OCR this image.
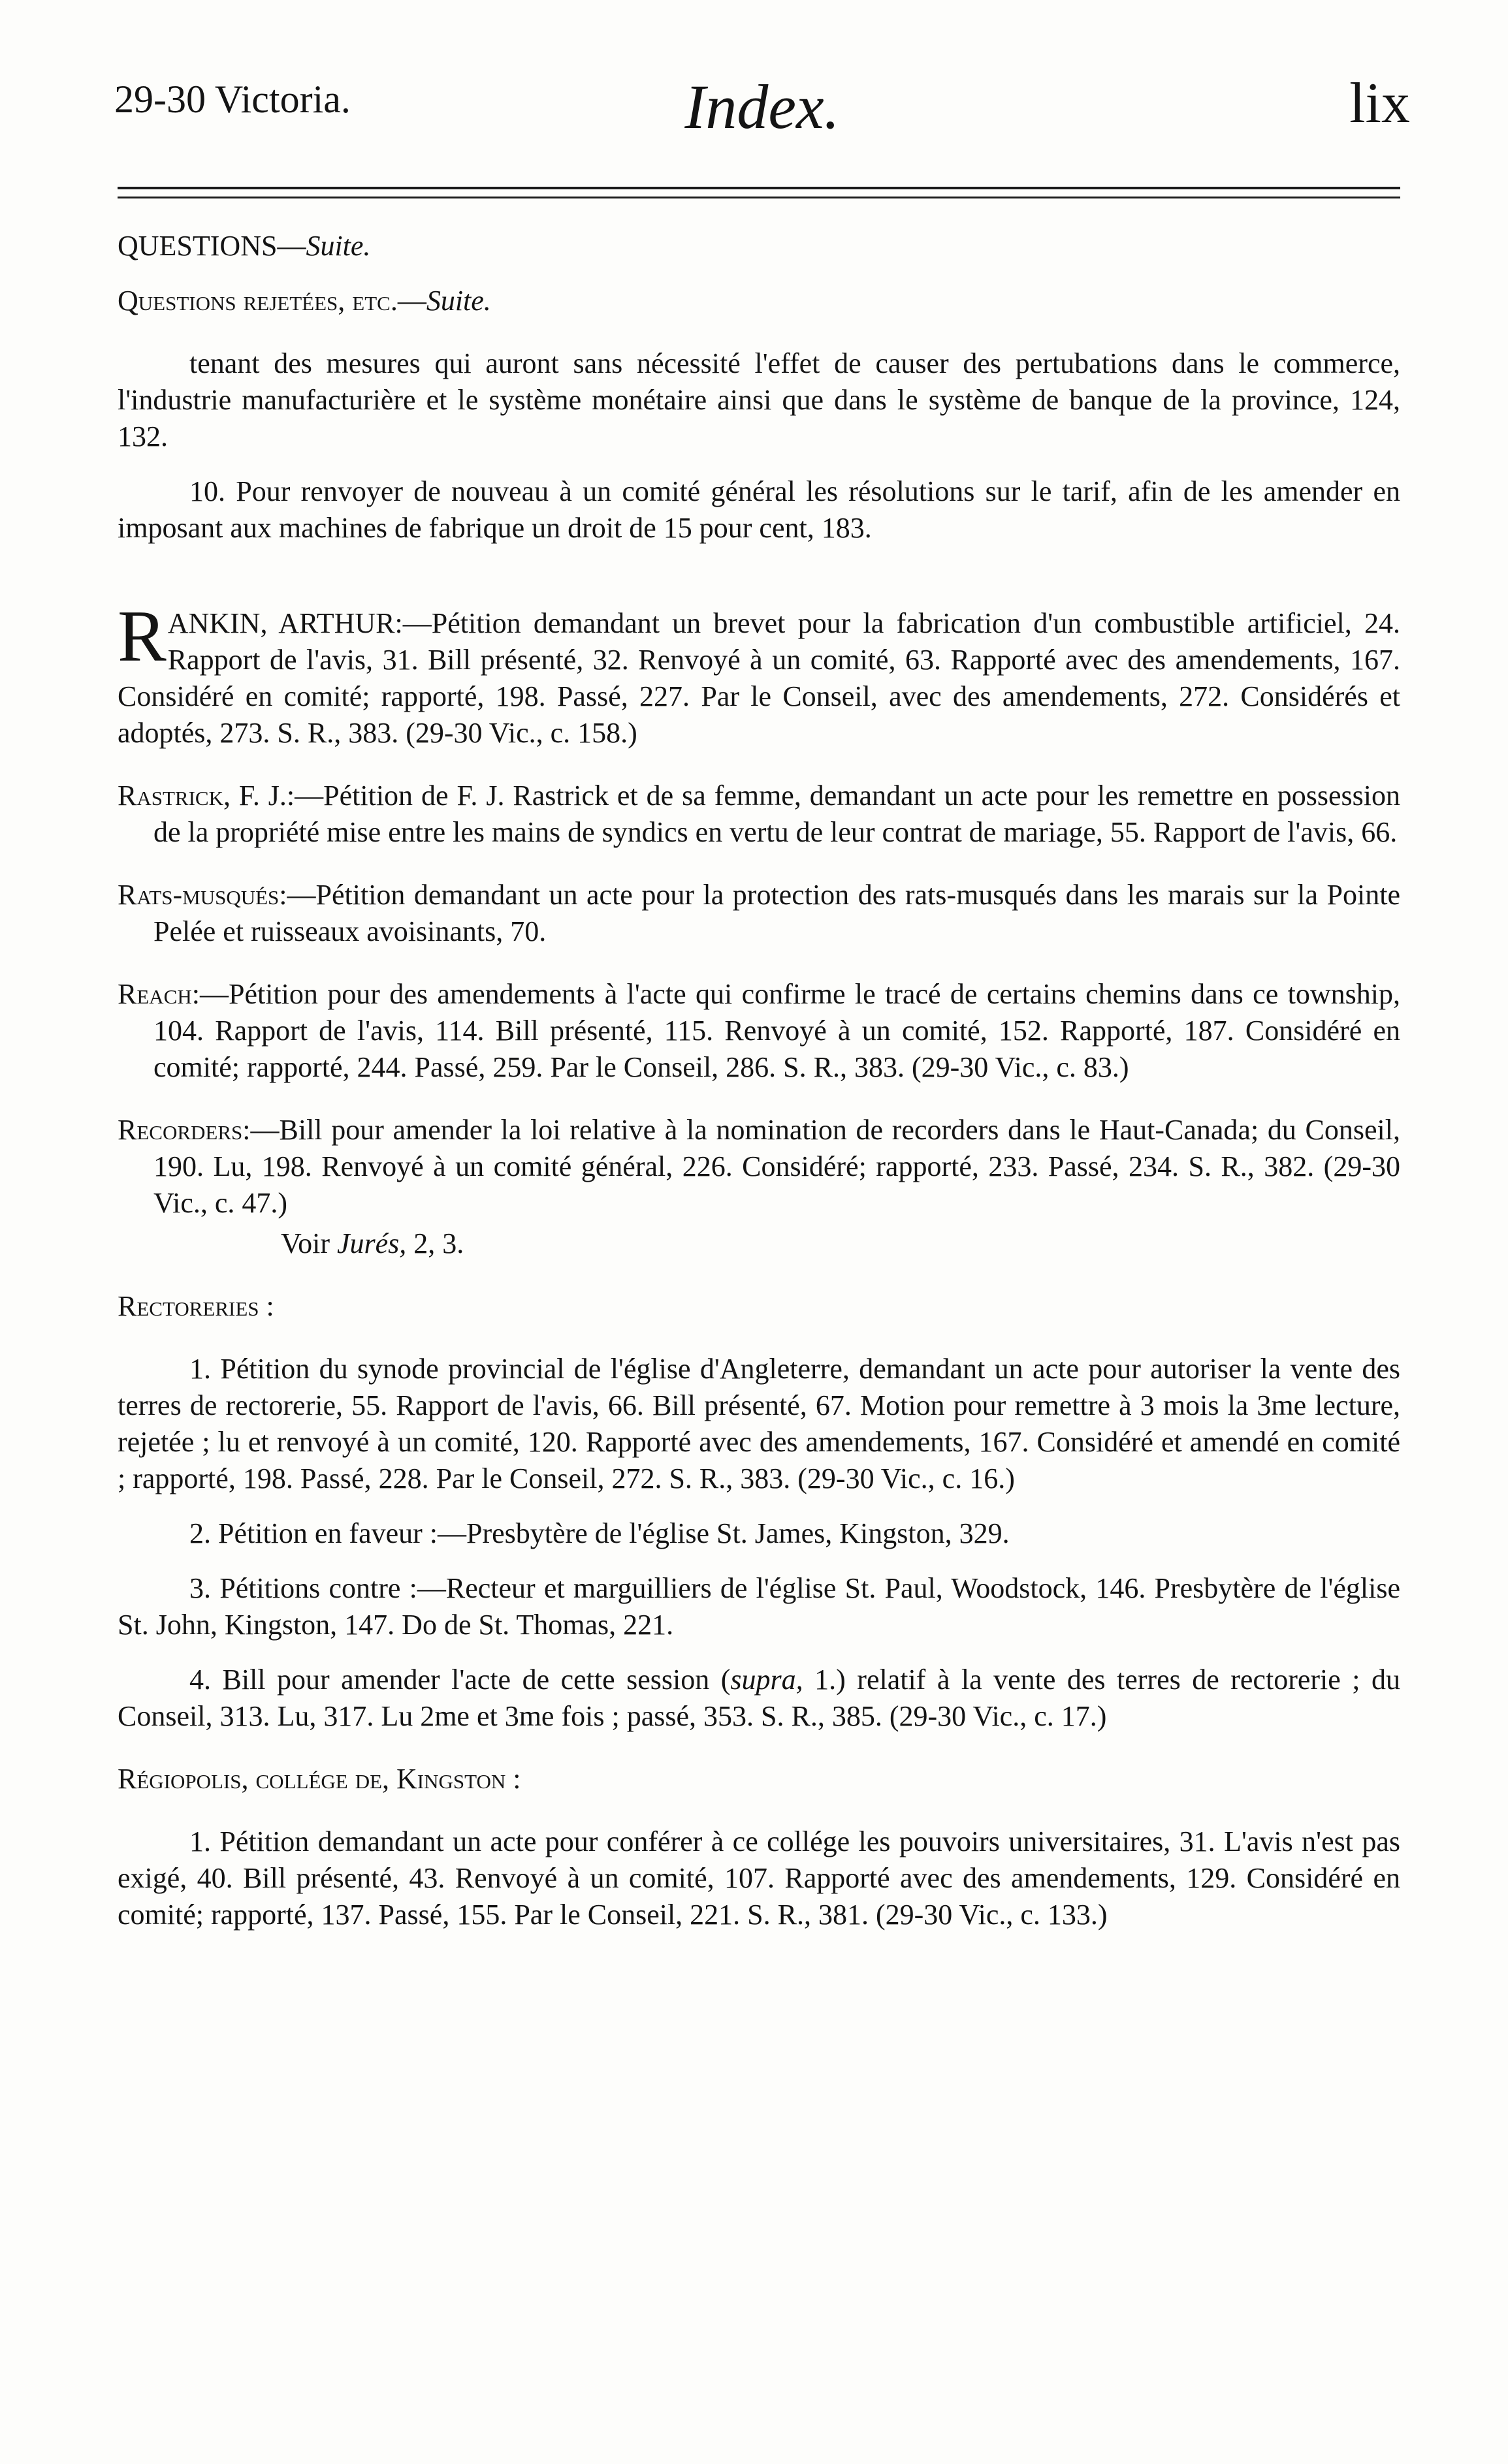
29-30 Victoria.	Index.	lix

QUESTIONS—Suite.

Questions rejetées, etc.—Suite.

tenant des mesures qui auront sans nécessité l'effet de causer des pertubations dans le commerce, l'industrie manufacturière et le système monétaire ainsi que dans le système de banque de la province, 124, 132.

10. Pour renvoyer de nouveau à un comité général les résolutions sur le tarif, afin de les amender en imposant aux machines de fabrique un droit de 15 pour cent, 183.

RANKIN, ARTHUR:—Pétition demandant un brevet pour la fabrication d'un combustible artificiel, 24. Rapport de l'avis, 31. Bill présenté, 32. Renvoyé à un comité, 63. Rapporté avec des amendements, 167. Considéré en comité; rapporté, 198. Passé, 227. Par le Conseil, avec des amendements, 272. Considérés et adoptés, 273. S. R., 383. (29-30 Vic., c. 158.)

Rastrick, F. J.:—Pétition de F. J. Rastrick et de sa femme, demandant un acte pour les remettre en possession de la propriété mise entre les mains de syndics en vertu de leur contrat de mariage, 55. Rapport de l'avis, 66.

Rats-musqués:—Pétition demandant un acte pour la protection des rats-musqués dans les marais sur la Pointe Pelée et ruisseaux avoisinants, 70.

Reach:—Pétition pour des amendements à l'acte qui confirme le tracé de certains chemins dans ce township, 104. Rapport de l'avis, 114. Bill présenté, 115. Renvoyé à un comité, 152. Rapporté, 187. Considéré en comité; rapporté, 244. Passé, 259. Par le Conseil, 286. S. R., 383. (29-30 Vic., c. 83.)

Recorders:—Bill pour amender la loi relative à la nomination de recorders dans le Haut-Canada; du Conseil, 190. Lu, 198. Renvoyé à un comité général, 226. Considéré; rapporté, 233. Passé, 234. S. R., 382. (29-30 Vic., c. 47.)

Voir Jurés, 2, 3.

Rectoreries :

1. Pétition du synode provincial de l'église d'Angleterre, demandant un acte pour autoriser la vente des terres de rectorerie, 55. Rapport de l'avis, 66. Bill présenté, 67. Motion pour remettre à 3 mois la 3me lecture, rejetée ; lu et renvoyé à un comité, 120. Rapporté avec des amendements, 167. Considéré et amendé en comité ; rapporté, 198. Passé, 228. Par le Conseil, 272. S. R., 383. (29-30 Vic., c. 16.)

2. Pétition en faveur :—Presbytère de l'église St. James, Kingston, 329.

3. Pétitions contre :—Recteur et marguilliers de l'église St. Paul, Woodstock, 146. Presbytère de l'église St. John, Kingston, 147. Do de St. Thomas, 221.

4. Bill pour amender l'acte de cette session (supra, 1.) relatif à la vente des terres de rectorerie ; du Conseil, 313. Lu, 317. Lu 2me et 3me fois ; passé, 353. S. R., 385. (29-30 Vic., c. 17.)

Régiopolis, collége de, Kingston :

1. Pétition demandant un acte pour conférer à ce collége les pouvoirs universitaires, 31. L'avis n'est pas exigé, 40. Bill présenté, 43. Renvoyé à un comité, 107. Rapporté avec des amendements, 129. Considéré en comité; rapporté, 137. Passé, 155. Par le Conseil, 221. S. R., 381. (29-30 Vic., c. 133.)
